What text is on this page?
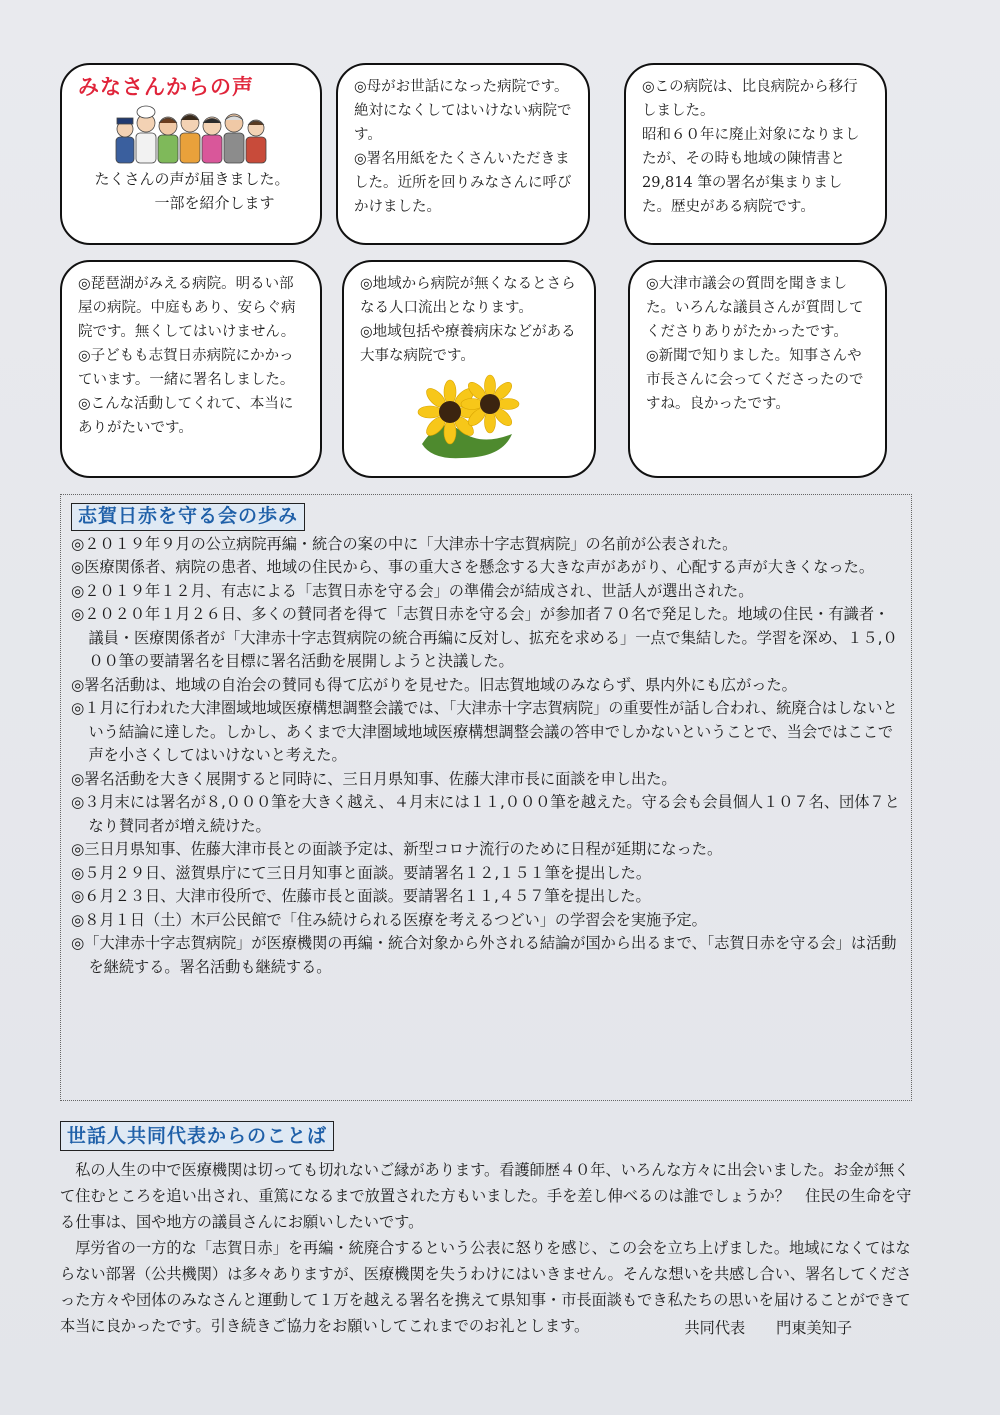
みなさんからの声
たくさんの声が届きました。
　　　一部を紹介します

◎母がお世話になった病院です。絶対になくしてはいけない病院です。
◎署名用紙をたくさんいただきました。近所を回りみなさんに呼びかけました。

◎この病院は、比良病院から移行しました。
昭和６０年に廃止対象になりましたが、その時も地域の陳情書と29,814 筆の署名が集まりました。歴史がある病院です。

◎琵琶湖がみえる病院。明るい部屋の病院。中庭もあり、安らぐ病院です。無くしてはいけません。
◎子どもも志賀日赤病院にかかっています。一緒に署名しました。
◎こんな活動してくれて、本当にありがたいです。

◎地域から病院が無くなるとさらなる人口流出となります。
◎地域包括や療養病床などがある大事な病院です。

◎大津市議会の質問を聞きました。いろんな議員さんが質問してくださりありがたかったです。
◎新聞で知りました。知事さんや市長さんに会ってくださったのですね。良かったです。

志賀日赤を守る会の歩み
◎２０１９年９月の公立病院再編・統合の案の中に「大津赤十字志賀病院」の名前が公表された。
◎医療関係者、病院の患者、地域の住民から、事の重大さを懸念する大きな声があがり、心配する声が大きくなった。
◎２０１９年１２月、有志による「志賀日赤を守る会」の準備会が結成され、世話人が選出された。
◎２０２０年１月２６日、多くの賛同者を得て「志賀日赤を守る会」が参加者７０名で発足した。地域の住民・有識者・議員・医療関係者が「大津赤十字志賀病院の統合再編に反対し、拡充を求める」一点で集結した。学習を深め、１５,０００筆の要請署名を目標に署名活動を展開しようと決議した。
◎署名活動は、地域の自治会の賛同も得て広がりを見せた。旧志賀地域のみならず、県内外にも広がった。
◎１月に行われた大津圏域地域医療構想調整会議では、「大津赤十字志賀病院」の重要性が話し合われ、統廃合はしないという結論に達した。しかし、あくまで大津圏域地域医療構想調整会議の答申でしかないということで、当会ではここで声を小さくしてはいけないと考えた。
◎署名活動を大きく展開すると同時に、三日月県知事、佐藤大津市長に面談を申し出た。
◎３月末には署名が８,０００筆を大きく越え、４月末には１１,０００筆を越えた。守る会も会員個人１０７名、団体７となり賛同者が増え続けた。
◎三日月県知事、佐藤大津市長との面談予定は、新型コロナ流行のために日程が延期になった。
◎５月２９日、滋賀県庁にて三日月知事と面談。要請署名１２,１５１筆を提出した。
◎６月２３日、大津市役所で、佐藤市長と面談。要請署名１１,４５７筆を提出した。
◎８月１日（土）木戸公民館で「住み続けられる医療を考えるつどい」の学習会を実施予定。
◎「大津赤十字志賀病院」が医療機関の再編・統合対象から外される結論が国から出るまで、「志賀日赤を守る会」は活動を継続する。署名活動も継続する。
世話人共同代表からのことば

私の人生の中で医療機関は切っても切れないご縁があります。看護師歴４０年、いろんな方々に出会いました。お金が無くて住むところを追い出され、重篤になるまで放置された方もいました。手を差し伸べるのは誰でしょうか？　住民の生命を守る仕事は、国や地方の議員さんにお願いしたいです。

厚労省の一方的な「志賀日赤」を再編・統廃合するという公表に怒りを感じ、この会を立ち上げました。地域になくてはならない部署（公共機関）は多々ありますが、医療機関を失うわけにはいきません。そんな想いを共感し合い、署名してくださった方々や団体のみなさんと運動して１万を越える署名を携えて県知事・市長面談もでき私たちの思いを届けることができて本当に良かったです。引き続きご協力をお願いしてこれまでのお礼とします。	共同代表 門東美知子
